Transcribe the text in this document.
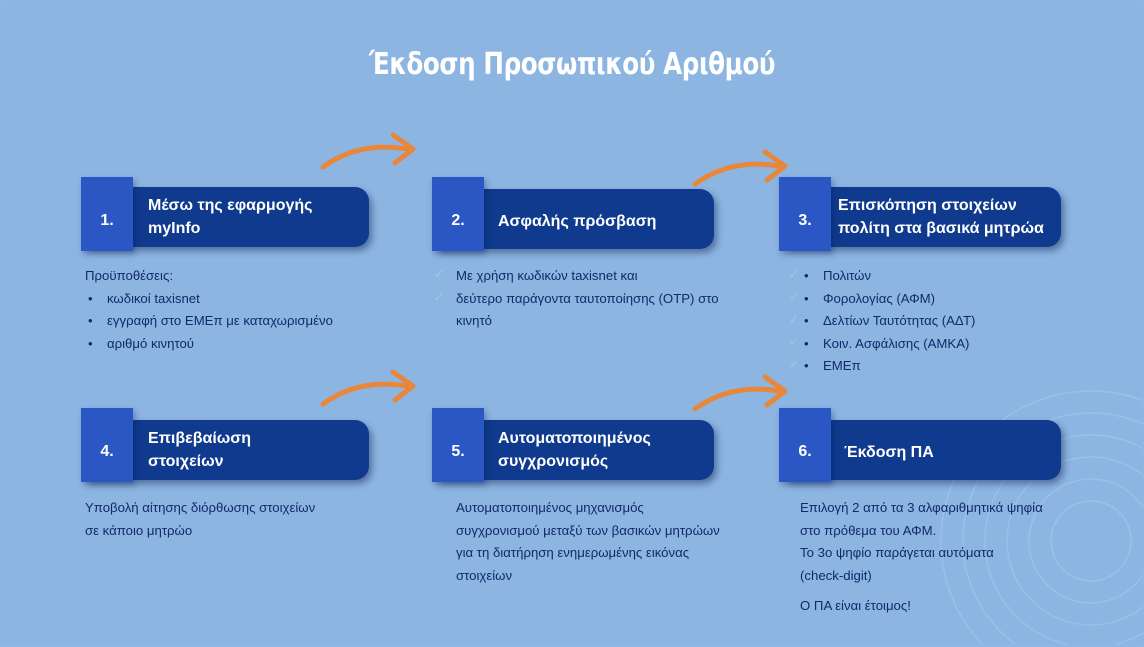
Έκδοση Προσωπικού Αριθμού
1.
Μέσω της εφαρμογής
myInfo
Προϋποθέσεις:
• κωδικοί taxisnet
• εγγραφή στο ΕΜΕπ με καταχωρισμένο
• αριθμό κινητού
2. Ασφαλής πρόσβαση
Με χρήση κωδικών taxisnet και
δεύτερο παράγοντα ταυτοποίησης (OTP) στο
κινητό
✓
✓
3.
Επισκόπηση στοιχείων
πολίτη στα βασικά μητρώα
• Πολιτών
• Φορολογίας (ΑΦΜ)
• Δελτίων Ταυτότητας (ΑΔΤ)
• Κοιν. Ασφάλισης (ΑΜΚΑ)
• ΕΜΕπ
✓
✓
✓
✓
✓
4.
Επιβεβαίωση
στοιχείων
Υποβολή αίτησης διόρθωσης στοιχείων
σε κάποιο μητρώο
5.
Αυτοματοποιημένος
συγχρονισμός
Αυτοματοποιημένος μηχανισμός
συγχρονισμού μεταξύ των βασικών μητρώων
για τη διατήρηση ενημερωμένης εικόνας
στοιχείων
6. Έκδοση ΠΑ
Επιλογή 2 από τα 3 αλφαριθμητικά ψηφία
στο πρόθεμα του ΑΦΜ.
Το 3ο ψηφίο παράγεται αυτόματα
(check-digit)
Ο ΠΑ είναι έτοιμος!
